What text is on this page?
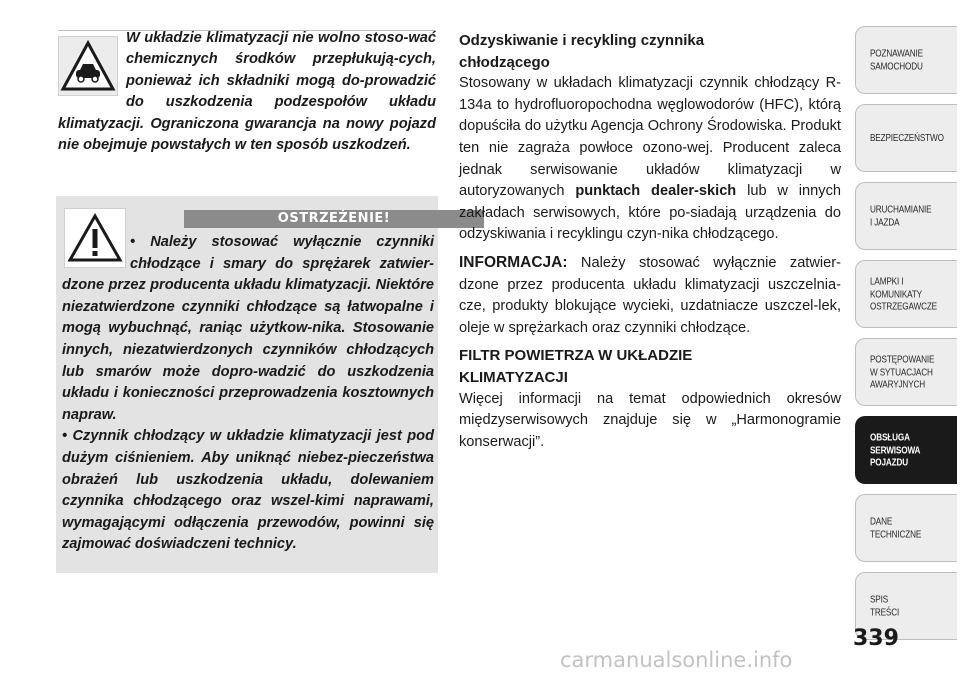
W układzie klimatyzacji nie wolno stoso-wać chemicznych środków przepłukują-cych, ponieważ ich składniki mogą do-prowadzić do uszkodzenia podzespołów układu klimatyzacji. Ograniczona gwarancja na nowy pojazd nie obejmuje powstałych w ten sposób uszkodzeń.

OSTRZEŻENIE!

• Należy stosować wyłącznie czynniki chłodzące i smary do sprężarek zatwier-dzone przez producenta układu klimatyzacji. Niektóre niezatwierdzone czynniki chłodzące są łatwopalne i mogą wybuchnąć, raniąc użytkow-nika. Stosowanie innych, niezatwierdzonych czynników chłodzących lub smarów może dopro-wadzić do uszkodzenia układu i konieczności przeprowadzenia kosztownych napraw.

• Czynnik chłodzący w układzie klimatyzacji jest pod dużym ciśnieniem. Aby uniknąć niebez-pieczeństwa obrażeń lub uszkodzenia układu, dolewaniem czynnika chłodzącego oraz wszel-kimi naprawami, wymagającymi odłączenia przewodów, powinni się zajmować doświadczeni technicy.

Odzyskiwanie i recykling czynnika
chłodzącego

Stosowany w układach klimatyzacji czynnik chłodzący R-134a to hydrofluoropochodna węglowodorów (HFC), którą dopuściła do użytku Agencja Ochrony Środowiska. Produkt ten nie zagraża powłoce ozono-wej. Producent zaleca jednak serwisowanie układów klimatyzacji w autoryzowanych punktach dealer-skich lub w innych zakładach serwisowych, które po-siadają urządzenia do odzyskiwania i recyklingu czyn-nika chłodzącego.

INFORMACJA: Należy stosować wyłącznie zatwier-dzone przez producenta układu klimatyzacji uszczelnia-cze, produkty blokujące wycieki, uzdatniacze uszczel-lek, oleje w sprężarkach oraz czynniki chłodzące.

FILTR POWIETRZA W UKŁADZIE
KLIMATYZACJI

Więcej informacji na temat odpowiednich okresów międzyserwisowych znajduje się w „Harmonogramie konserwacji”.

POZNAWANIE
SAMOCHODU
BEZPIECZEŃSTWO
URUCHAMIANIE
I JAZDA
LAMPKI I
KOMUNIKATY
OSTRZEGAWCZE
POSTĘPOWANIE
W SYTUACJACH
AWARYJNYCH
OBSŁUGA
SERWISOWA
POJAZDU
DANE
TECHNICZNE
SPIS
TREŚCI
339
carmanualsonline.info
